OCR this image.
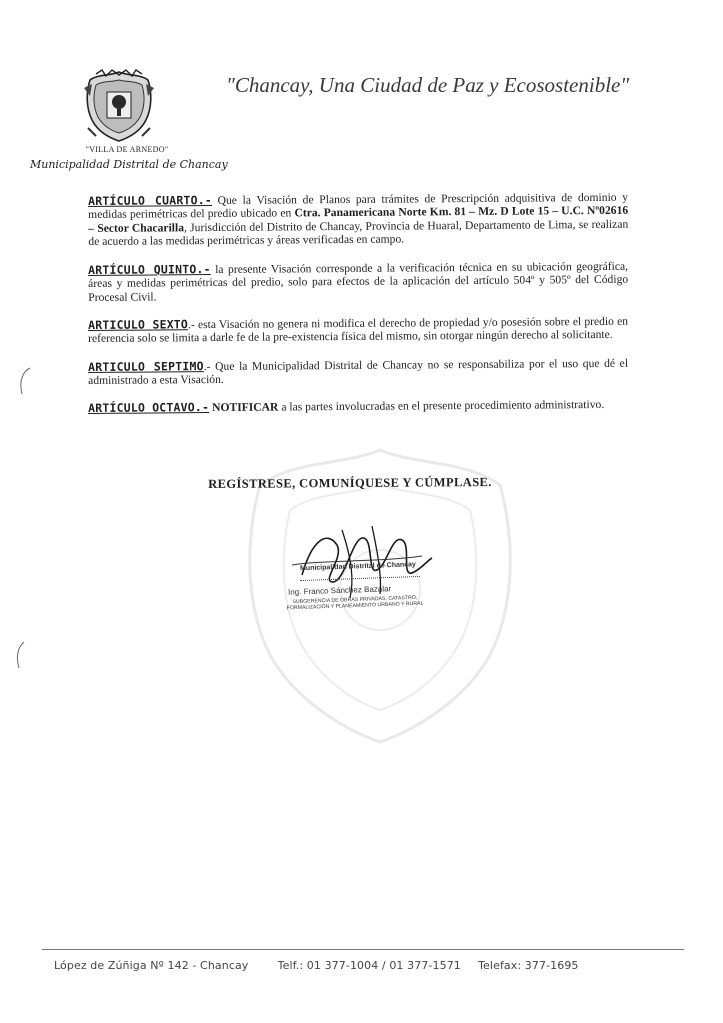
"VILLA DE ARNEDO"
Municipalidad Distrital de Chancay
"Chancay, Una Ciudad de Paz y Ecosostenible"

ARTÍCULO CUARTO.- Que la Visación de Planos para trámites de Prescripción adquisitiva de dominio y medidas perimétricas del predio ubicado en Ctra. Panamericana Norte Km. 81 – Mz. D Lote 15 – U.C. Nº02616 – Sector Chacarilla, Jurisdicción del Distrito de Chancay, Provincia de Huaral, Departamento de Lima, se realizan de acuerdo a las medidas perimétricas y áreas verificadas en campo.

ARTÍCULO QUINTO.- la presente Visación corresponde a la verificación técnica en su ubicación geográfica, áreas y medidas perimétricas del predio, solo para efectos de la aplicación del artículo 504º y 505º del Código Procesal Civil.

ARTICULO SEXTO.- esta Visación no genera ni modifica el derecho de propiedad y/o posesión sobre el predio en referencia solo se limita a darle fe de la pre-existencia física del mismo, sin otorgar ningún derecho al solicitante.

ARTICULO SEPTIMO.- Que la Municipalidad Distrital de Chancay no se responsabiliza por el uso que dé el administrado a esta Visación.

ARTÍCULO OCTAVO.- NOTIFICAR a las partes involucradas en el presente procedimiento administrativo.

REGÍSTRESE, COMUNÍQUESE Y CÚMPLASE.
Municipalidad Distrital de Chancay
Ing. Franco Sánchez Bazalar
SUBGERENCIA DE OBRAS PRIVADAS, CATASTRO, FORMALIZACIÓN Y PLANEAMIENTO URBANO Y RURAL
López de Zúñiga Nº 142 - Chancay	Telf.: 01 377-1004 / 01 377-1571 Telefax: 377-1695
